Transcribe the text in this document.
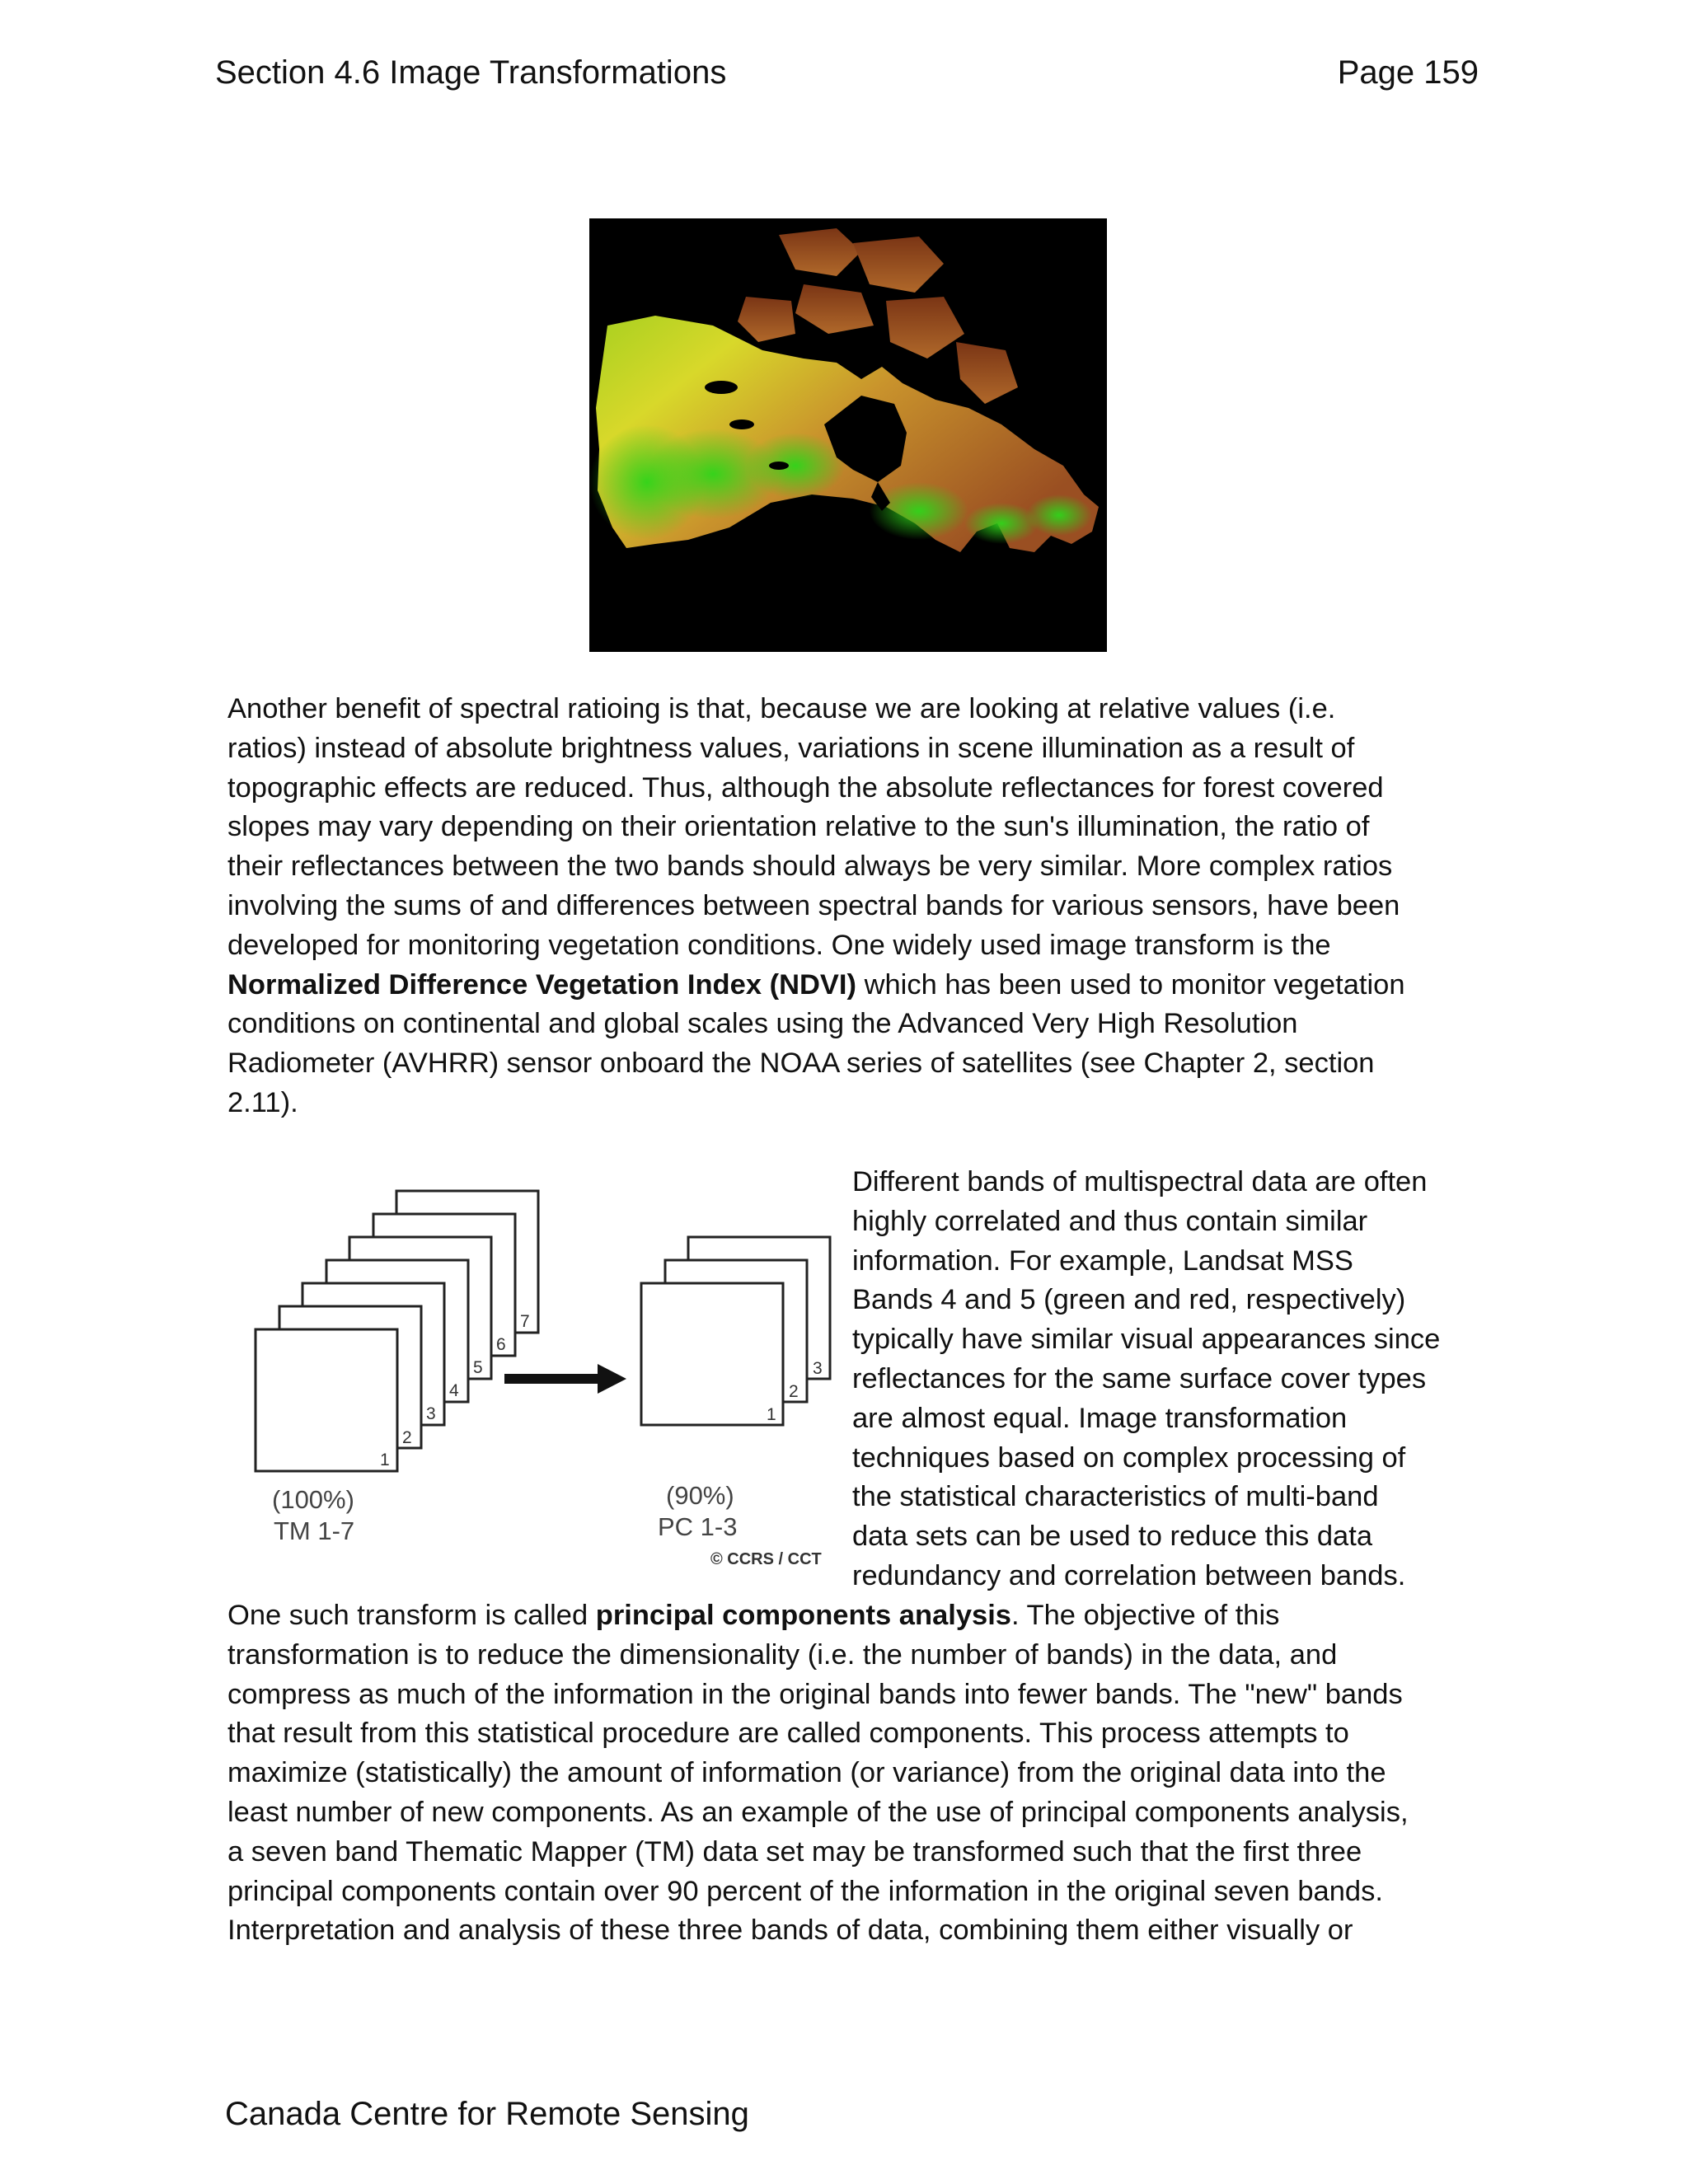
Section 4.6 Image Transformations	Page 159
Another benefit of spectral ratioing is that, because we are looking at relative values (i.e.
ratios) instead of absolute brightness values, variations in scene illumination as a result of
topographic effects are reduced. Thus, although the absolute reflectances for forest covered
slopes may vary depending on their orientation relative to the sun's illumination, the ratio of
their reflectances between the two bands should always be very similar. More complex ratios
involving the sums of and differences between spectral bands for various sensors, have been
developed for monitoring vegetation conditions. One widely used image transform is the
Normalized Difference Vegetation Index (NDVI) which has been used to monitor vegetation
conditions on continental and global scales using the Advanced Very High Resolution
Radiometer (AVHRR) sensor onboard the NOAA series of satellites (see Chapter 2, section
2.11).
1
2
3
4
5
6
7
1
2
3
(100%)
TM 1-7
(90%)
PC 1-3
© CCRS / CCT
Different bands of multispectral data are often
highly correlated and thus contain similar
information. For example, Landsat MSS
Bands 4 and 5 (green and red, respectively)
typically have similar visual appearances since
reflectances for the same surface cover types
are almost equal. Image transformation
techniques based on complex processing of
the statistical characteristics of multi-band
data sets can be used to reduce this data
redundancy and correlation between bands.
One such transform is called principal components analysis. The objective of this
transformation is to reduce the dimensionality (i.e. the number of bands) in the data, and
compress as much of the information in the original bands into fewer bands. The "new" bands
that result from this statistical procedure are called components. This process attempts to
maximize (statistically) the amount of information (or variance) from the original data into the
least number of new components. As an example of the use of principal components analysis,
a seven band Thematic Mapper (TM) data set may be transformed such that the first three
principal components contain over 90 percent of the information in the original seven bands.
Interpretation and analysis of these three bands of data, combining them either visually or
Canada Centre for Remote Sensing
